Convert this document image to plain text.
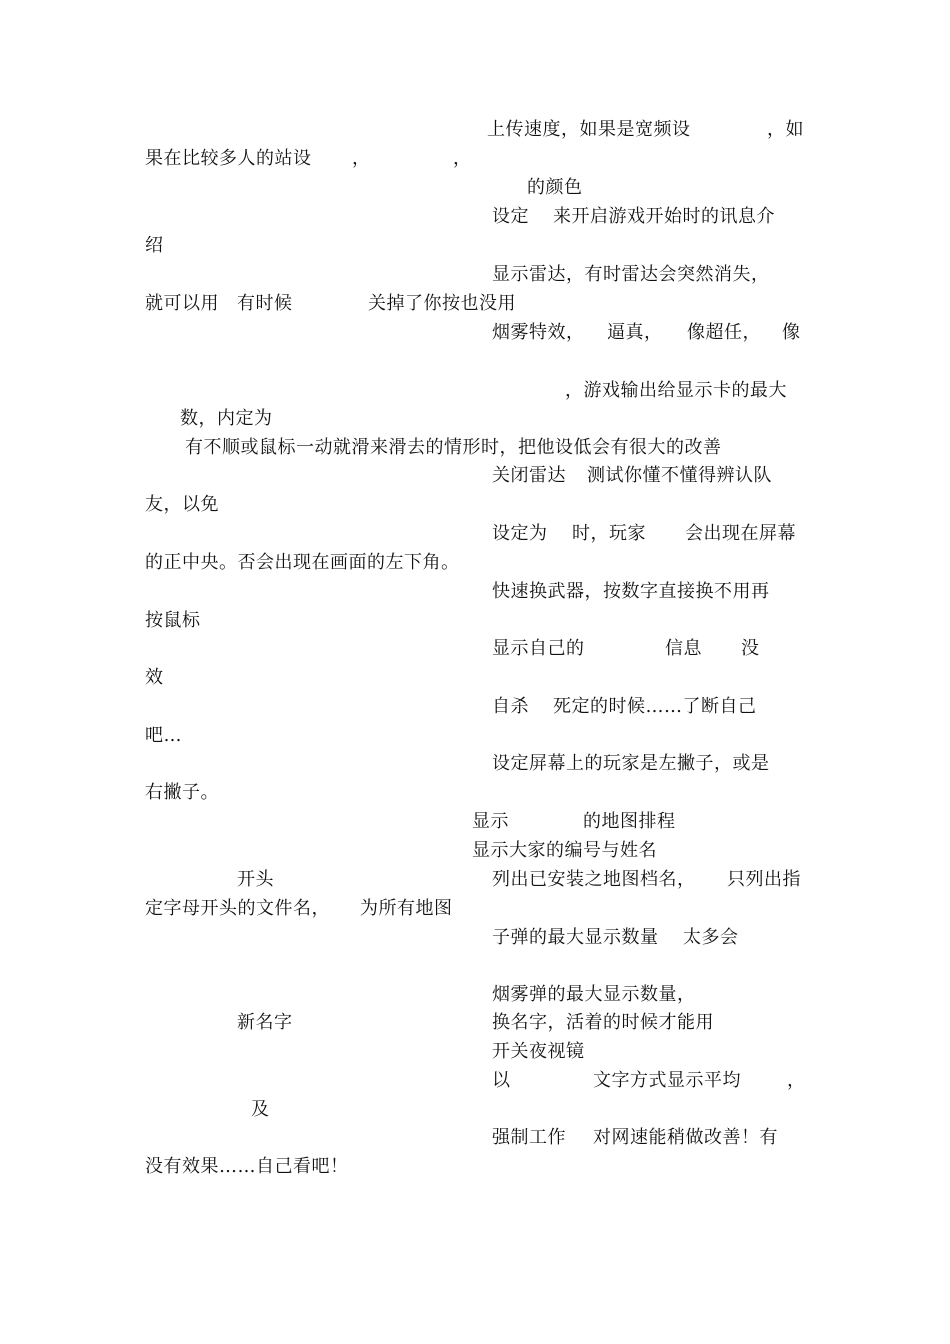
上传速度，如果是宽频设	，如
果在比较多人的站设 ，	，
的颜色
设定 来开启游戏开始时的讯息介
绍
显示雷达，有时雷达会突然消失，
就可以用 有时候	关掉了你按也没用
烟雾特效， 逼真， 像超任， 像
，游戏输出给显示卡的最大
数，内定为
有不顺或鼠标一动就滑来滑去的情形时，把他设低会有很大的改善
关闭雷达 测试你懂不懂得辨认队
友，以免
设定为 时，玩家 会出现在屏幕
的正中央。否会出现在画面的左下角。
快速换武器，按数字直接换不用再
按鼠标
显示自己的	信息 没
效
自杀 死定的时候……了断自己
吧…
设定屏幕上的玩家是左撇子，或是
右撇子。
显示	的地图排程
显示大家的编号与姓名
开头	列出已安装之地图档名， 只列出指
定字母开头的文件名， 为所有地图
子弹的最大显示数量 太多会
烟雾弹的最大显示数量，
新名字	换名字，活着的时候才能用
开关夜视镜
以	文字方式显示平均	，
及
强制工作 对网速能稍做改善！有
没有效果……自己看吧！
